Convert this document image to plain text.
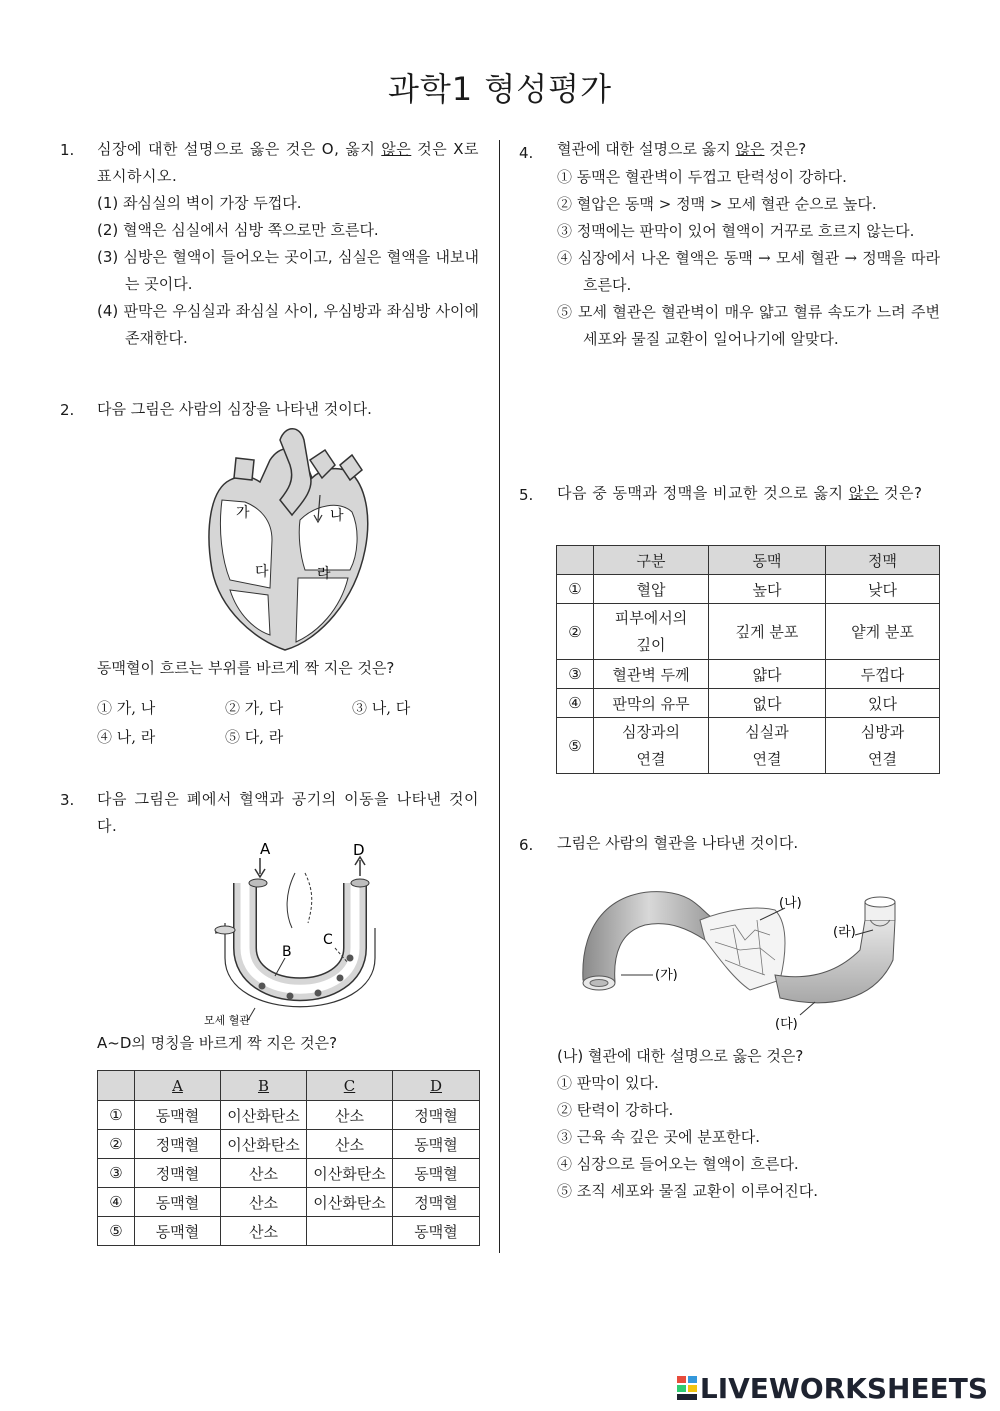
과학1 형성평가
1. 심장에 대한 설명으로 옳은 것은 O, 옳지 않은 것은 X로 표시하시오.
(1) 좌심실의 벽이 가장 두껍다.
(2) 혈액은 심실에서 심방 쪽으로만 흐른다.
(3) 심방은 혈액이 들어오는 곳이고, 심실은 혈액을 내보내는 곳이다.
(4) 판막은 우심실과 좌심실 사이, 우심방과 좌심방 사이에 존재한다.
2. 다음 그림은 사람의 심장을 나타낸 것이다.
가	나
다	라
동맥혈이 흐르는 부위를 바르게 짝 지은 것은?
① 가, 나	② 가, 다	③ 나, 다
④ 나, 라	⑤ 다, 라
3. 다음 그림은 폐에서 혈액과 공기의 이동을 나타낸 것이다.
A	D
B
C
모세 혈관
A~D의 명칭을 바르게 짝 지은 것은?
	A	B	C	D
①	동맥혈	이산화탄소	산소	정맥혈
②	정맥혈	이산화탄소	산소	동맥혈
③	정맥혈	산소	이산화탄소	동맥혈
④	동맥혈	산소	이산화탄소	정맥혈
⑤	동맥혈	산소		동맥혈
4. 혈관에 대한 설명으로 옳지 않은 것은?
① 동맥은 혈관벽이 두껍고 탄력성이 강하다.
② 혈압은 동맥 > 정맥 > 모세 혈관 순으로 높다.
③ 정맥에는 판막이 있어 혈액이 거꾸로 흐르지 않는다.
④ 심장에서 나온 혈액은 동맥 → 모세 혈관 → 정맥을 따라 흐른다.
⑤ 모세 혈관은 혈관벽이 매우 얇고 혈류 속도가 느려 주변 세포와 물질 교환이 일어나기에 알맞다.
5. 다음 중 동맥과 정맥을 비교한 것으로 옳지 않은 것은?
	구분	동맥	정맥
①	혈압	높다	낮다
②	피부에서의 깊이	깊게 분포	얕게 분포
③	혈관벽 두께	얇다	두껍다
④	판막의 유무	없다	있다
⑤	심장과의 연결	심실과 연결	심방과 연결
6. 그림은 사람의 혈관을 나타낸 것이다.
(가)
(나)
(라)
(다)
(나) 혈관에 대한 설명으로 옳은 것은?
① 판막이 있다.
② 탄력이 강하다.
③ 근육 속 깊은 곳에 분포한다.
④ 심장으로 들어오는 혈액이 흐른다.
⑤ 조직 세포와 물질 교환이 이루어진다.
LIVEWORKSHEETS
